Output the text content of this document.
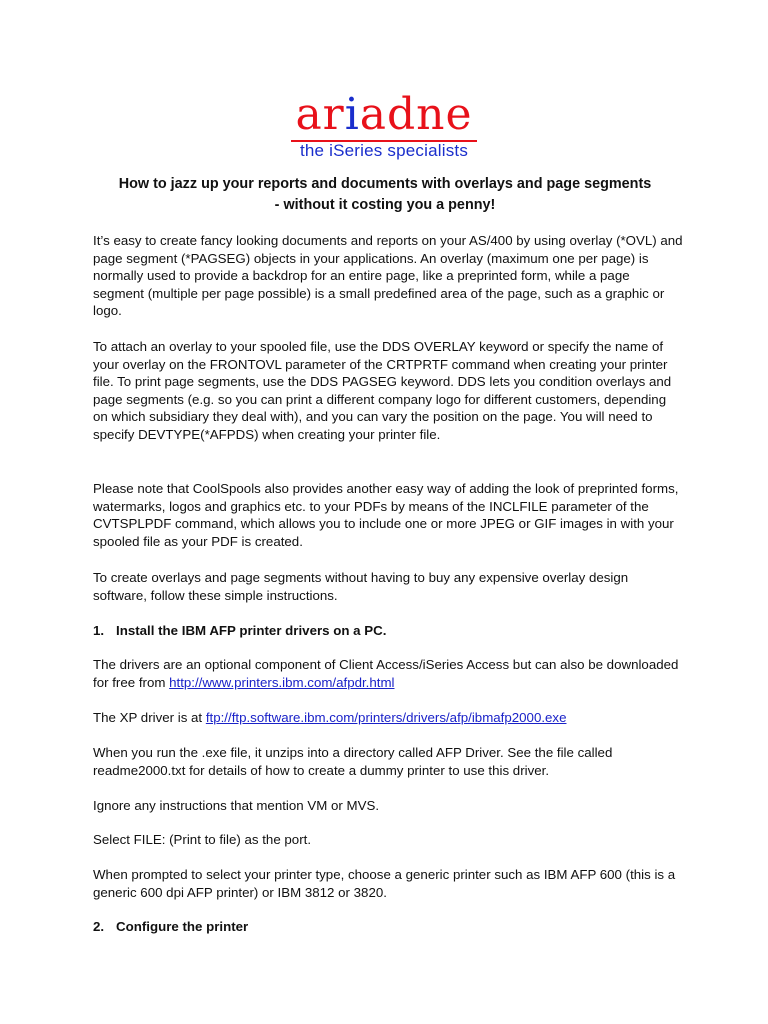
ariadne
the iSeries specialists
How to jazz up your reports and documents with overlays and page segments
- without it costing you a penny!

It’s easy to create fancy looking documents and reports on your AS/400 by using overlay (*OVL) and page segment (*PAGSEG) objects in your applications. An overlay (maximum one per page) is normally used to provide a backdrop for an entire page, like a preprinted form, while a page segment (multiple per page possible) is a small predefined area of the page, such as a graphic or logo.

To attach an overlay to your spooled file, use the DDS OVERLAY keyword or specify the name of your overlay on the FRONTOVL parameter of the CRTPRTF command when creating your printer file. To print page segments, use the DDS PAGSEG keyword. DDS lets you condition overlays and page segments (e.g. so you can print a different company logo for different customers, depending on which subsidiary they deal with), and you can vary the position on the page. You will need to specify DEVTYPE(*AFPDS) when creating your printer file.

Please note that CoolSpools also provides another easy way of adding the look of preprinted forms, watermarks, logos and graphics etc. to your PDFs by means of the INCLFILE parameter of the CVTSPLPDF command, which allows you to include one or more JPEG or GIF images in with your spooled file as your PDF is created.

To create overlays and page segments without having to buy any expensive overlay design software, follow these simple instructions.

1. Install the IBM AFP printer drivers on a PC.

The drivers are an optional component of Client Access/iSeries Access but can also be downloaded for free from http://www.printers.ibm.com/afpdr.html

The XP driver is at ftp://ftp.software.ibm.com/printers/drivers/afp/ibmafp2000.exe

When you run the .exe file, it unzips into a directory called AFP Driver. See the file called readme2000.txt for details of how to create a dummy printer to use this driver.

Ignore any instructions that mention VM or MVS.

Select FILE: (Print to file) as the port.

When prompted to select your printer type, choose a generic printer such as IBM AFP 600 (this is a generic 600 dpi AFP printer) or IBM 3812 or 3820.

2. Configure the printer
